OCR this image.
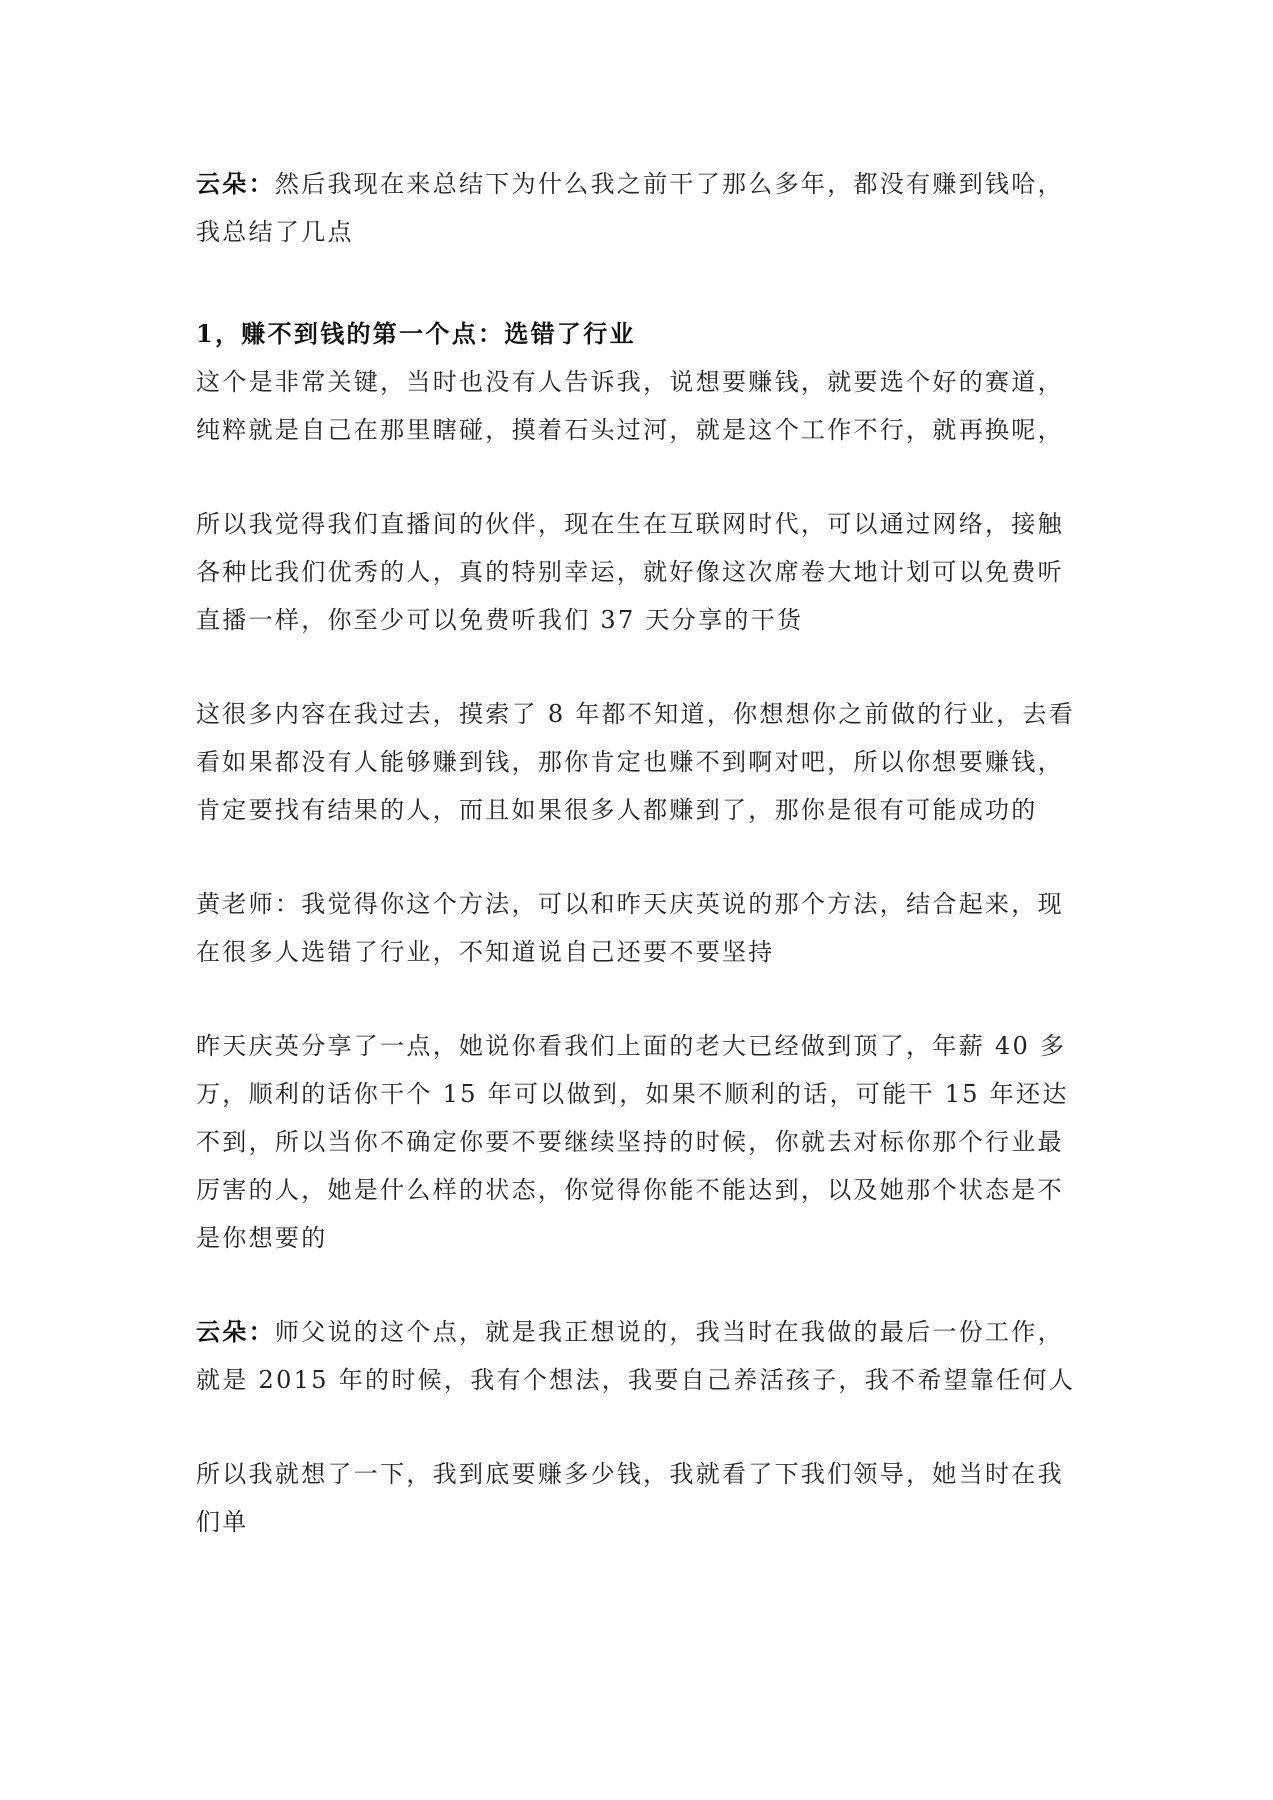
云朵：然后我现在来总结下为什么我之前干了那么多年，都没有赚到钱哈，我总结了几点

1，赚不到钱的第一个点：选错了行业

这个是非常关键，当时也没有人告诉我，说想要赚钱，就要选个好的赛道，纯粹就是自己在那里瞎碰，摸着石头过河，就是这个工作不行，就再换呢，

所以我觉得我们直播间的伙伴，现在生在互联网时代，可以通过网络，接触各种比我们优秀的人，真的特别幸运，就好像这次席卷大地计划可以免费听直播一样，你至少可以免费听我们 37 天分享的干货

这很多内容在我过去，摸索了 8 年都不知道，你想想你之前做的行业，去看看如果都没有人能够赚到钱，那你肯定也赚不到啊对吧，所以你想要赚钱，肯定要找有结果的人，而且如果很多人都赚到了，那你是很有可能成功的

黄老师：我觉得你这个方法，可以和昨天庆英说的那个方法，结合起来，现在很多人选错了行业，不知道说自己还要不要坚持

昨天庆英分享了一点，她说你看我们上面的老大已经做到顶了，年薪 40 多万，顺利的话你干个 15 年可以做到，如果不顺利的话，可能干 15 年还达不到，所以当你不确定你要不要继续坚持的时候，你就去对标你那个行业最厉害的人，她是什么样的状态，你觉得你能不能达到，以及她那个状态是不是你想要的

云朵：师父说的这个点，就是我正想说的，我当时在我做的最后一份工作，就是 2015 年的时候，我有个想法，我要自己养活孩子，我不希望靠任何人

所以我就想了一下，我到底要赚多少钱，我就看了下我们领导，她当时在我们单
